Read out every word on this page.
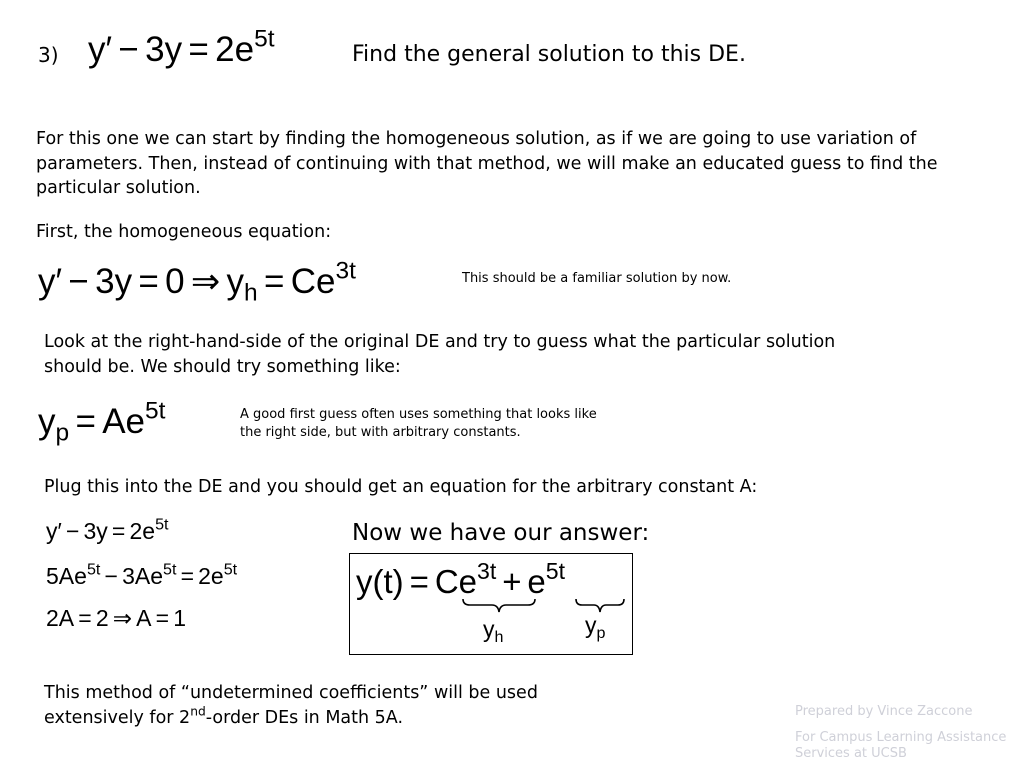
3) $y' - 3y = 2e^{5t}$
Find the general solution to this DE.
For this one we can start by finding the homogeneous solution, as if we are going to use variation of parameters. Then, instead of continuing with that method, we will make an educated guess to find the particular solution.
First, the homogeneous equation:
y′ − 3y = 0 ⇒ $y_h = Ce^{3t}$	This should be a familiar solution by now.
Look at the right-hand-side of the original DE and try to guess what the particular solution should be. We should try something like:
$y_p = Ae^{5t}$	A good first guess often uses something that looks like the right side, but with arbitrary constants.
Plug this into the DE and you should get an equation for the arbitrary constant A:
$y' - 3y = 2e^{5t}$
$5Ae^{5t} - 3Ae^{5t} = 2e^{5t}$
2A = 2 ⇒ A = 1
Now we have our answer:
$y(t) = Ce^{3t} + e^{5t}$
$y_h$	$y_p$
This method of “undetermined coefficients” will be used extensively for 2nd-order DEs in Math 5A.	Prepared by Vince Zaccone
For Campus Learning Assistance Services at UCSB
